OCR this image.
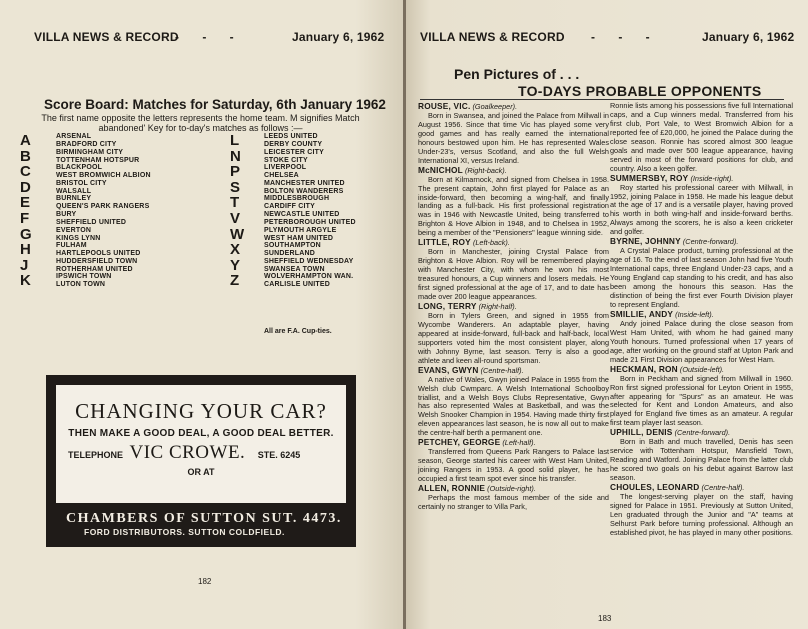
VILLA NEWS & RECORD
- - -	January 6, 1962
Score Board: Matches for Saturday, 6th January 1962
The first name opposite the letters represents the home team. M signifies Match abandoned' Key for to-day's matches as follows :—
A	ARSENAL
BRADFORD CITY
B	BIRMINGHAM CITY
TOTTENHAM HOTSPUR
C	BLACKPOOL
WEST BROMWICH ALBION
D	BRISTOL CITY
WALSALL
E	BURNLEY
QUEEN'S PARK RANGERS
F	BURY
SHEFFIELD UNITED
G	EVERTON
KINGS LYNN
H	FULHAM
HARTLEPOOLS UNITED
J	HUDDERSFIELD TOWN
ROTHERHAM UNITED
K	IPSWICH TOWN
LUTON TOWN
L	LEEDS UNITED
DERBY COUNTY
N	LEICESTER CITY
STOKE CITY
P	LIVERPOOL
CHELSEA
S	MANCHESTER UNITED
BOLTON WANDERERS
T	MIDDLESBROUGH
CARDIFF CITY
V	NEWCASTLE UNITED
PETERBOROUGH UNITED
W	PLYMOUTH ARGYLE
WEST HAM UNITED
X	SOUTHAMPTON
SUNDERLAND
Y	SHEFFIELD WEDNESDAY
SWANSEA TOWN
Z	WOLVERHAMPTON WAN.
CARLISLE UNITED
All are F.A. Cup-ties.
CHANGING YOUR CAR?
THEN MAKE A GOOD DEAL, A GOOD DEAL BETTER.
TELEPHONE VIC CROWE. STE. 6245
OR AT
CHAMBERS OF SUTTON SUT. 4473.
FORD DISTRIBUTORS. SUTTON COLDFIELD.
182
VILLA NEWS & RECORD - - -	January 6, 1962
Pen Pictures of . . .
TO-DAYS PROBABLE OPPONENTS
ROUSE, VIC. (Goalkeeper).
Born in Swansea, and joined the Palace from Millwall in August 1956. Since that time Vic has played some very good games and has really earned the international honours bestowed upon him. He has represented Wales Under-23's, versus Scotland, and also the full Welsh International XI, versus Ireland.
McNICHOL (Right-back).
Born at Kilmarnock, and signed from Chelsea in 1958. The present captain, John first played for Palace as an inside-forward, then becoming a wing-half, and finally landing as a full-back. His first professional registration was in 1946 with Newcastle United, being transferred to Brighton & Hove Albion in 1948, and to Chelsea in 1952, being a member of the "Pensioners" league winning side.
LITTLE, ROY (Left-back).
Born in Manchester, joining Crystal Palace from Brighton & Hove Albion. Roy will be remembered playing with Manchester City, with whom he won his most treasured honours, a Cup winners and losers medals. He first signed professional at the age of 17, and to date has made over 200 league appearances.
LONG, TERRY (Right-half).
Born in Tylers Green, and signed in 1955 from Wycombe Wanderers. An adaptable player, having appeared at inside-forward, full-back and half-back, local supporters voted him the most consistent player, along with Johnny Byrne, last season. Terry is also a good athlete and keen all-round sportsman.
EVANS, GWYN (Centre-half).
A native of Wales, Gwyn joined Palace in 1955 from the Welsh club Cwmparc. A Welsh International Schoolboy triallist, and a Welsh Boys Clubs Representative, Gwyn has also represented Wales at Basketball, and was the Welsh Snooker Champion in 1954. Having made thirty first eleven appearances last season, he is now all out to make the centre-half berth a permanent one.
PETCHEY, GEORGE (Left-half).
Transferred from Queens Park Rangers to Palace last season, George started his career with West Ham United, joining Rangers in 1953. A good solid player, he has occupied a first team spot ever since his transfer.
ALLEN, RONNIE (Outside-right).
Perhaps the most famous member of the side and certainly no stranger to Villa Park,
Ronnie lists among his possessions five full International caps, and a Cup winners medal. Transferred from his first club, Port Vale, to West Bromwich Albion for a reported fee of £20,000, he joined the Palace during the close season. Ronnie has scored almost 300 league goals and made over 500 league appearance, having served in most of the forward positions for club, and country. Also a keen golfer.
SUMMERSBY, ROY (Inside-right).
Roy started his professional career with Millwall, in 1952, joining Palace in 1958. He made his league debut at the age of 17 and is a versatile player, having proved his worth in both wing-half and inside-forward berths. Always among the scorers, he is also a keen cricketer and golfer.
BYRNE, JOHNNY (Centre-forward).
A Crystal Palace product, turning professional at the age of 16. To the end of last season John had five Youth International caps, three England Under-23 caps, and a Young England cap standing to his credit, and has also been among the honours this season. Has the distinction of being the first ever Fourth Division player to represent England.
SMILLIE, ANDY (Inside-left).
Andy joined Palace during the close season from West Ham United, with whom he had gained many Youth honours. Turned professional when 17 years of age, after working on the ground staff at Upton Park and made 21 First Division appearances for West Ham.
HECKMAN, RON (Outside-left).
Born in Peckham and signed from Millwall in 1960. Ron first signed professional for Leyton Orient in 1955, after appearing for "Spurs" as an amateur. He was selected for Kent and London Amateurs, and also played for England five times as an amateur. A regular first team player last season.
UPHILL, DENIS (Centre-forward).
Born in Bath and much travelled, Denis has seen service with Tottenham Hotspur, Mansfield Town, Reading and Watford. Joining Palace from the latter club he scored two goals on his debut against Barrow last season.
CHOULES, LEONARD (Centre-half).
The longest-serving player on the staff, having signed for Palace in 1951. Previously at Sutton United, Len graduated through the Junior and "A" teams at Selhurst Park before turning professional. Although an established pivot, he has played in many other positions.
183
